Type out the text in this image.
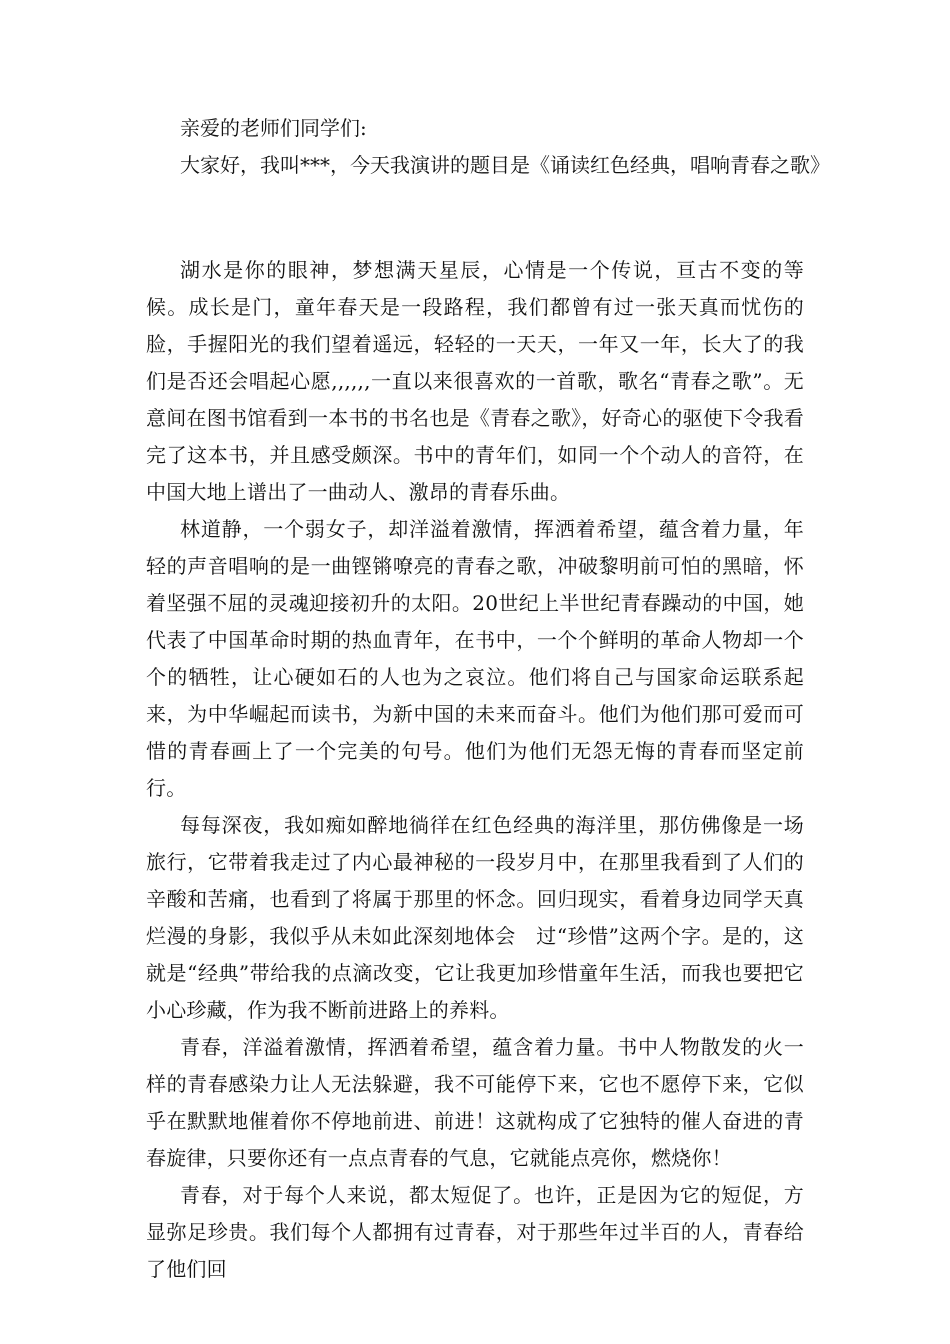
亲爱的老师们同学们:

大家好，我叫***，今天我演讲的题目是《诵读红色经典，唱响青春之歌》

湖水是你的眼神，梦想满天星辰，心情是一个传说，亘古不变的等候。成长是门，童年春天是一段路程，我们都曾有过一张天真而忧伤的脸，手握阳光的我们望着遥远，轻轻的一天天，一年又一年，长大了的我们是否还会唱起心愿,,,,,,一直以来很喜欢的一首歌，歌名“青春之歌”。无意间在图书馆看到一本书的书名也是《青春之歌》，好奇心的驱使下令我看完了这本书，并且感受颇深。书中的青年们，如同一个个动人的音符，在中国大地上谱出了一曲动人、激昂的青春乐曲。

林道静，一个弱女子，却洋溢着激情，挥洒着希望，蕴含着力量，年轻的声音唱响的是一曲铿锵嘹亮的青春之歌，冲破黎明前可怕的黑暗，怀着坚强不屈的灵魂迎接初升的太阳。20世纪上半世纪青春躁动的中国，她代表了中国革命时期的热血青年，在书中，一个个鲜明的革命人物却一个个的牺牲，让心硬如石的人也为之哀泣。他们将自己与国家命运联系起来，为中华崛起而读书，为新中国的未来而奋斗。他们为他们那可爱而可惜的青春画上了一个完美的句号。他们为他们无怨无悔的青春而坚定前行。

每每深夜，我如痴如醉地徜徉在红色经典的海洋里，那仿佛像是一场旅行，它带着我走过了内心最神秘的一段岁月中，在那里我看到了人们的辛酸和苦痛，也看到了将属于那里的怀念。回归现实，看着身边同学天真烂漫的身影，我似乎从未如此深刻地体会　过“珍惜”这两个字。是的，这就是“经典”带给我的点滴改变，它让我更加珍惜童年生活，而我也要把它小心珍藏，作为我不断前进路上的养料。

青春，洋溢着激情，挥洒着希望，蕴含着力量。书中人物散发的火一样的青春感染力让人无法躲避，我不可能停下来，它也不愿停下来，它似乎在默默地催着你不停地前进、前进！这就构成了它独特的催人奋进的青春旋律，只要你还有一点点青春的气息，它就能点亮你，燃烧你！

青春，对于每个人来说，都太短促了。也许，正是因为它的短促，方显弥足珍贵。我们每个人都拥有过青春，对于那些年过半百的人，青春给了他们回
